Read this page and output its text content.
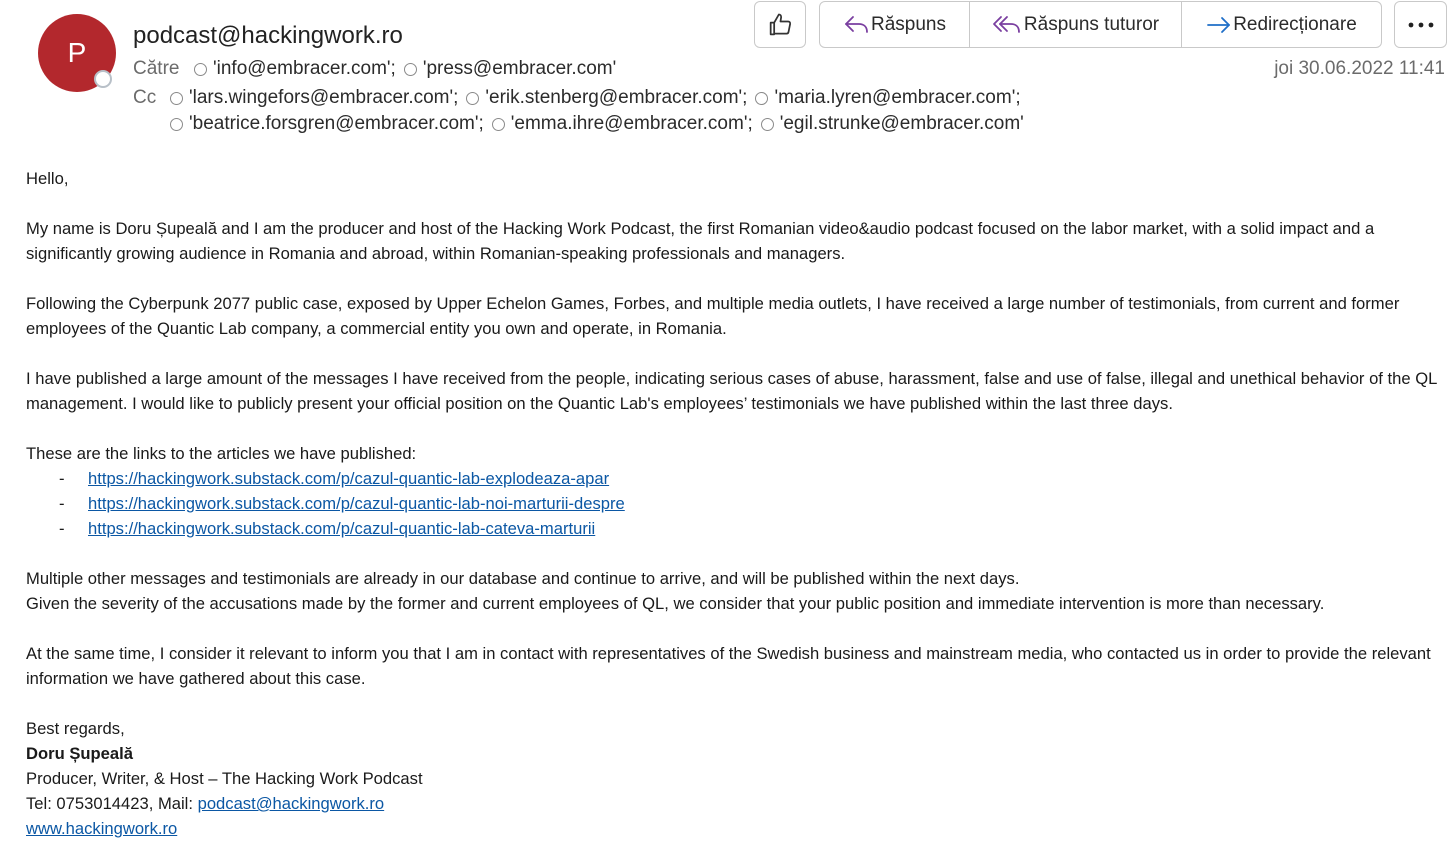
P
podcast@hackingwork.ro
Către 'info@embracer.com'; 'press@embracer.com'
Cc 'lars.wingefors@embracer.com'; 'erik.stenberg@embracer.com'; 'maria.lyren@embracer.com';
'beatrice.forsgren@embracer.com'; 'emma.ihre@embracer.com'; 'egil.strunke@embracer.com'
joi 30.06.2022 11:41
Răspuns	Răspuns tuturor	Redirecționare

Hello,

My name is Doru Șupeală and I am the producer and host of the Hacking Work Podcast, the first Romanian video&audio podcast focused on the labor market, with a solid impact and a significantly growing audience in Romania and abroad, within Romanian-speaking professionals and managers.

Following the Cyberpunk 2077 public case, exposed by Upper Echelon Games, Forbes, and multiple media outlets, I have received a large number of testimonials, from current and former employees of the Quantic Lab company, a commercial entity you own and operate, in Romania.

I have published a large amount of the messages I have received from the people, indicating serious cases of abuse, harassment, false and use of false, illegal and unethical behavior of the QL management. I would like to publicly present your official position on the Quantic Lab's employees’ testimonials we have published within the last three days.

These are the links to the articles we have published:

-	https://hackingwork.substack.com/p/cazul-quantic-lab-explodeaza-apar
-	https://hackingwork.substack.com/p/cazul-quantic-lab-noi-marturii-despre
-	https://hackingwork.substack.com/p/cazul-quantic-lab-cateva-marturii

Multiple other messages and testimonials are already in our database and continue to arrive, and will be published within the next days.

Given the severity of the accusations made by the former and current employees of QL, we consider that your public position and immediate intervention is more than necessary.

At the same time, I consider it relevant to inform you that I am in contact with representatives of the Swedish business and mainstream media, who contacted us in order to provide the relevant information we have gathered about this case.

Best regards,

Doru Șupeală

Producer, Writer, & Host – The Hacking Work Podcast

Tel: 0753014423, Mail: podcast@hackingwork.ro

www.hackingwork.ro
